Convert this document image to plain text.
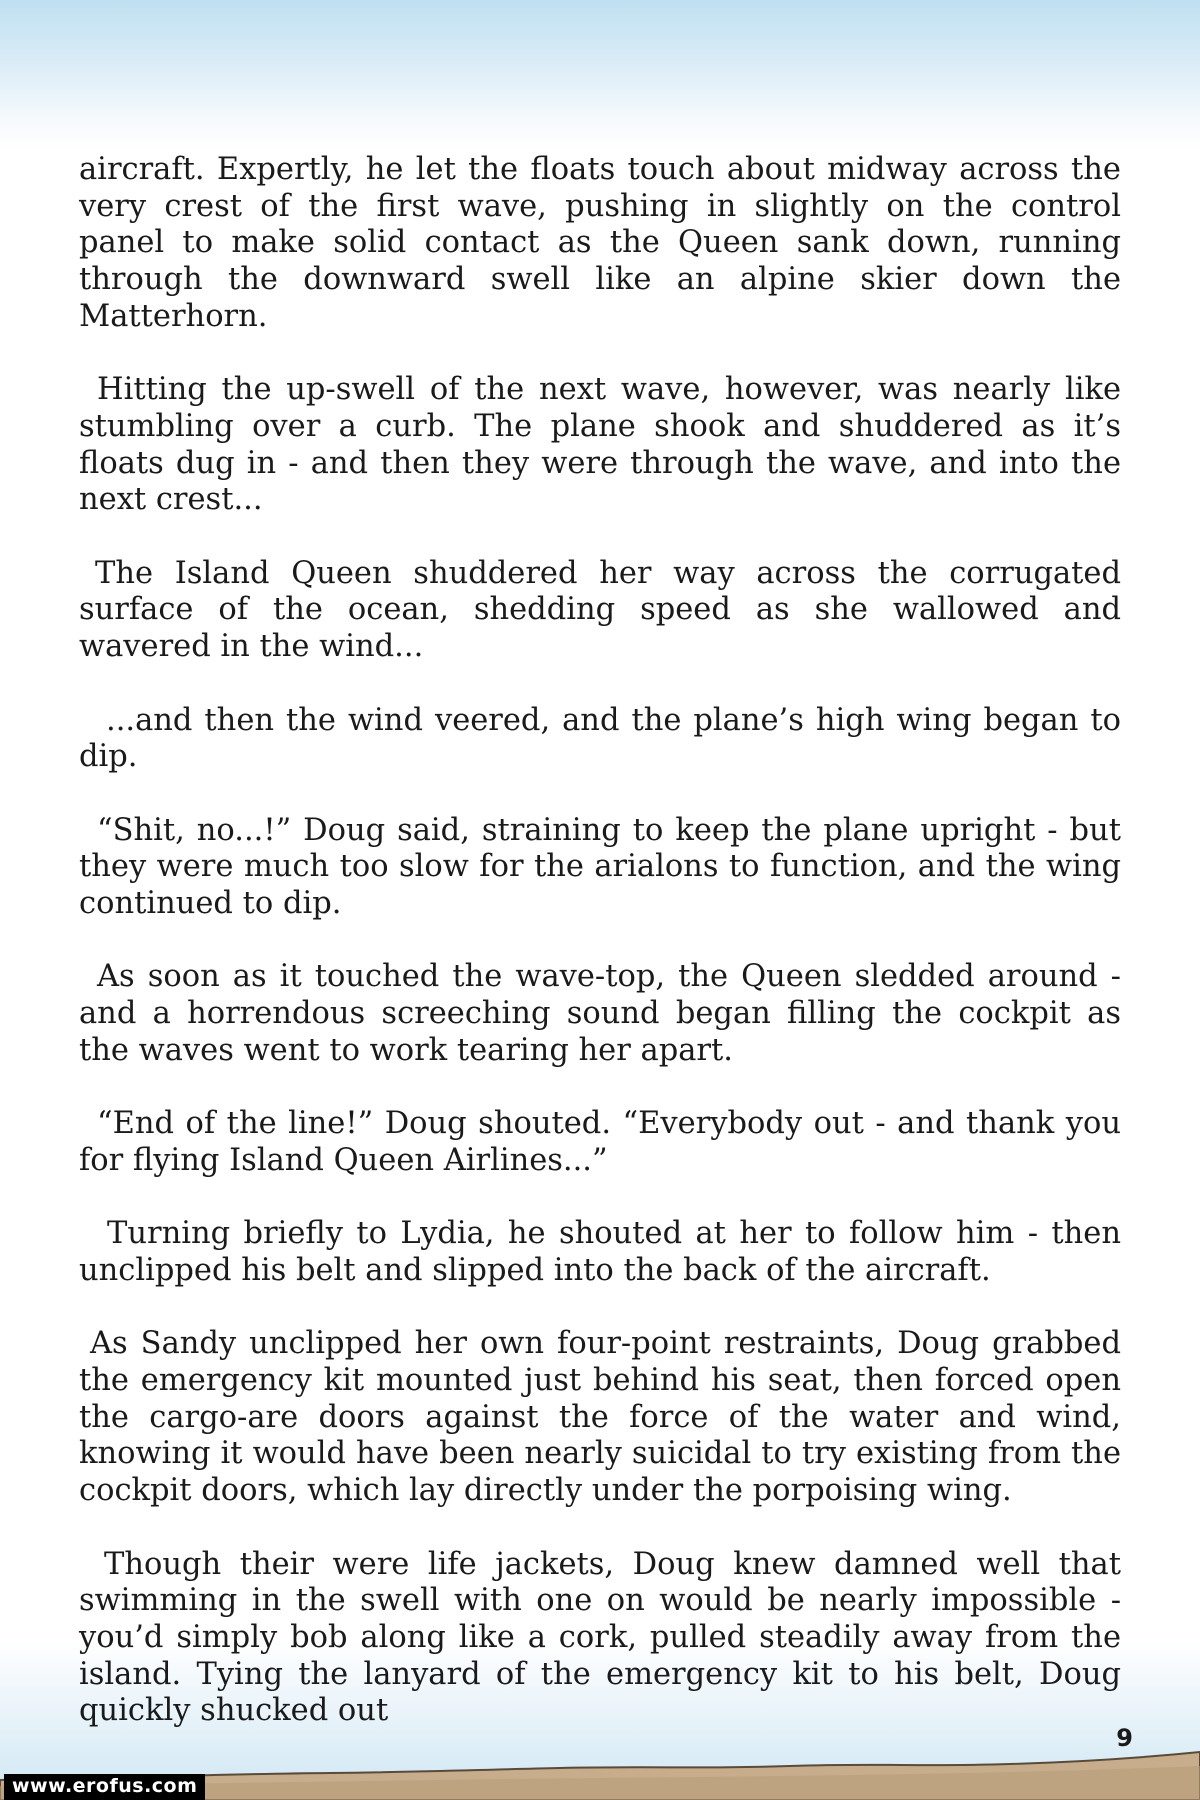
aircraft. Expertly, he let the floats touch about midway across the very crest of the first wave, pushing in slightly on the control panel to make solid contact as the Queen sank down, running through the downward swell like an alpine skier down the Matterhorn.

Hitting the up-swell of the next wave, however, was nearly like stumbling over a curb. The plane shook and shuddered as it’s floats dug in - and then they were through the wave, and into the next crest...

The Island Queen shuddered her way across the corrugated surface of the ocean, shedding speed as she wallowed and wavered in the wind...

...and then the wind veered, and the plane’s high wing began to dip.

“Shit, no...!” Doug said, straining to keep the plane upright - but they were much too slow for the arialons to function, and the wing continued to dip.

As soon as it touched the wave-top, the Queen sledded around - and a horrendous screeching sound began filling the cockpit as the waves went to work tearing her apart.

“End of the line!” Doug shouted. “Everybody out - and thank you for flying Island Queen Airlines...”

Turning briefly to Lydia, he shouted at her to follow him - then unclipped his belt and slipped into the back of the aircraft.

As Sandy unclipped her own four-point restraints, Doug grabbed the emergency kit mounted just behind his seat, then forced open the cargo-are doors against the force of the water and wind, knowing it would have been nearly suicidal to try existing from the cockpit doors, which lay directly under the porpoising wing.

Though their were life jackets, Doug knew damned well that swimming in the swell with one on would be nearly impossible - you’d simply bob along like a cork, pulled steadily away from the island. Tying the lanyard of the emergency kit to his belt, Doug quickly shucked out

9
www.erofus.com
